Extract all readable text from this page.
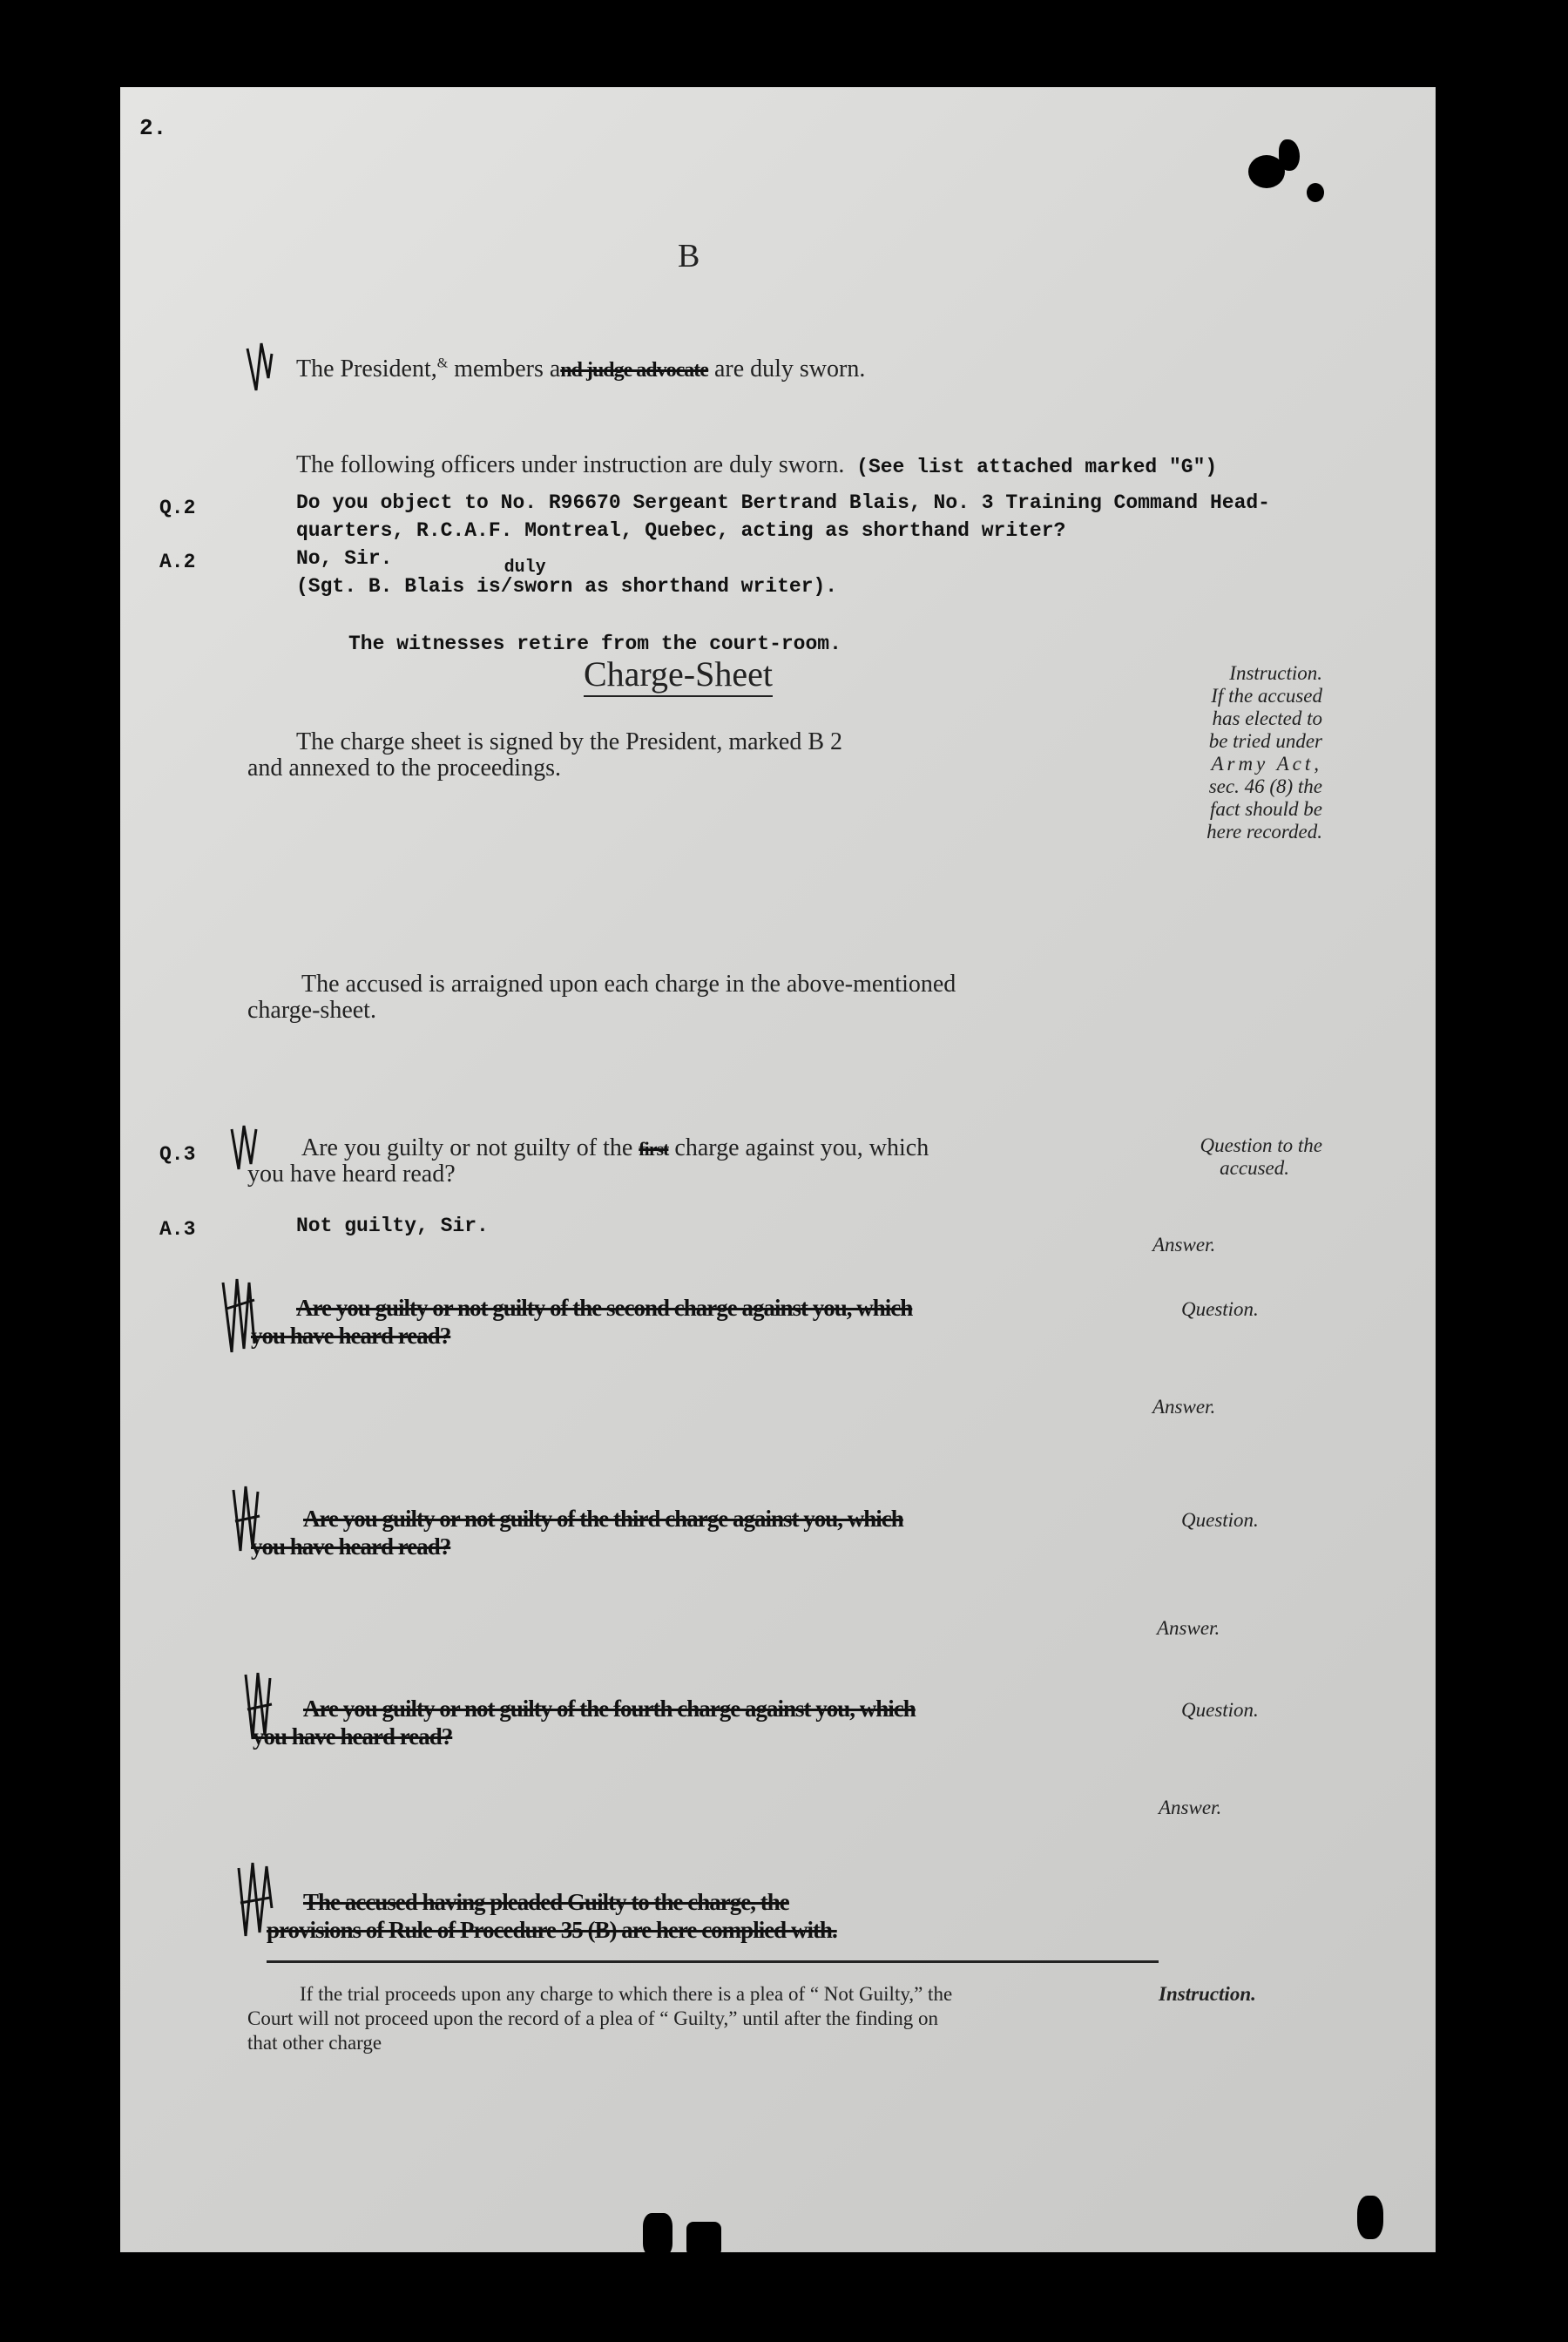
2.
B
The President,& members and judge advocate are duly sworn.
The following officers under instruction are duly sworn. (See list attached marked "G")
Q.2	Do you object to No. R96670 Sergeant Bertrand Blais, No. 3 Training Command Head-
quarters, R.C.A.F. Montreal, Quebec, acting as shorthand writer?
A.2	No, Sir.
(Sgt. B. Blais is
duly
/sworn as shorthand writer).
The witnesses retire from the court-room.
Charge-Sheet
The charge sheet is signed by the President, marked B 2
and annexed to the proceedings.
Instruction.
If the accused
has elected to
be tried under
Army Act,
sec. 46 (8) the
fact should be
here recorded.
The accused is arraigned upon each charge in the above-mentioned
charge-sheet.
Q.3	Are you guilty or not guilty of the first charge against you, which
you have heard read?
Question to the
accused.
A.3	Not guilty, Sir.
Answer.
Are you guilty or not guilty of the second charge against you, which
you have heard read?
Question.
Answer.
Are you guilty or not guilty of the third charge against you, which
you have heard read?
Question.
Answer.
Are you guilty or not guilty of the fourth charge against you, which
you have heard read?
Question.
Answer.
The accused having pleaded Guilty to the charge, the
provisions of Rule of Procedure 35 (B) are here complied with.
If the trial proceeds upon any charge to which there is a plea of “ Not Guilty,” the	Instruction.
Court will not proceed upon the record of a plea of “ Guilty,” until after the finding on
that other charge
